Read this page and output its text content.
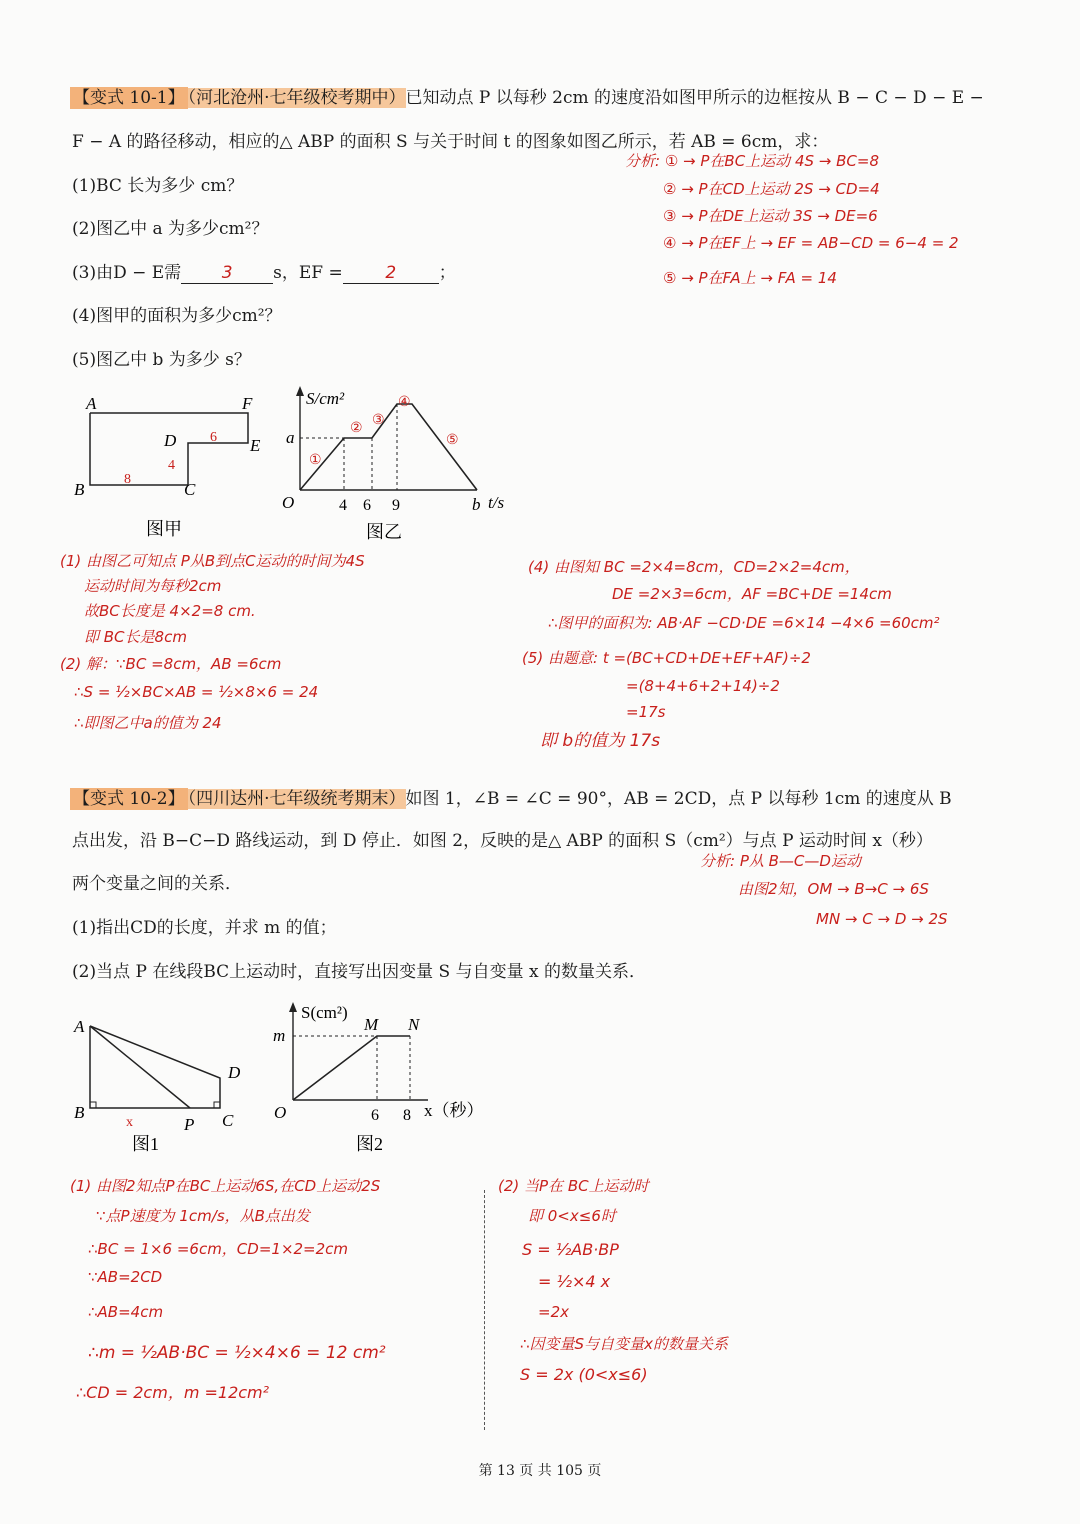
【变式 10-1】 （河北沧州·七年级校考期中）已知动点 P 以每秒 2cm 的速度沿如图甲所示的边框按从 B − C − D − E −
F − A 的路径移动，相应的△ ABP 的面积 S 与关于时间 t 的图象如图乙所示，若 AB = 6cm，求：
(1)BC 长为多少 cm？
(2)图乙中 a 为多少cm²？
(3)由D − E需 3 s，EF =	2	；
(4)图甲的面积为多少cm²？
(5)图乙中 b 为多少 s？
分析: ① → P在BC上运动 4S → BC=8
② → P在CD上运动 2S → CD=4
③ → P在DE上运动 3S → DE=6
④ → P在EF上 → EF = AB−CD = 6−4 = 2
⑤ → P在FA上 → FA = 14
A	F
D	E
B	C
6
4
8
图甲
S/cm²
a
O	4 6 9	b t/s
①
②
③
④
⑤
图乙
(1) 由图乙可知点 P从B到点C运动的时间为4S
运动时间为每秒2cm
故BC长度是 4×2=8 cm.
即 BC长是8cm
(2) 解：∵BC =8cm，AB =6cm
∴S = ½×BC×AB = ½×8×6 = 24
∴即图乙中a的值为 24
(4) 由图知 BC =2×4=8cm，CD=2×2=4cm，
DE =2×3=6cm，AF =BC+DE =14cm
∴图甲的面积为: AB·AF −CD·DE =6×14 −4×6 =60cm²
(5) 由题意: t =(BC+CD+DE+EF+AF)÷2
=(8+4+6+2+14)÷2
=17s
即 b的值为 17s
【变式 10-2】 （四川达州·七年级统考期末）如图 1，∠B = ∠C = 90°，AB = 2CD，点 P 以每秒 1cm 的速度从 B
点出发，沿 B−C−D 路线运动，到 D 停止．如图 2，反映的是△ ABP 的面积 S（cm²）与点 P 运动时间 x（秒）
两个变量之间的关系．
(1)指出CD的长度，并求 m 的值；
(2)当点 P 在线段BC上运动时，直接写出因变量 S 与自变量 x 的数量关系．
分析: P从 B—C—D运动
由图2知，OM → B→C → 6S
MN → C → D → 2S
A
D
B
P C
x
图1
S(cm²)
m
M N
O	6 8 x（秒）
图2
(1) 由图2知点P在BC上运动6S,在CD上运动2S
∵点P速度为 1cm/s，从B点出发
∴BC = 1×6 =6cm，CD=1×2=2cm
∵AB=2CD
∴AB=4cm
∴m = ½AB·BC = ½×4×6 = 12 cm²
∴CD = 2cm，m =12cm²
(2) 当P在 BC上运动时
即 0<x≤6时
S = ½AB·BP
= ½×4 x
=2x
∴因变量S与自变量x的数量关系
S = 2x (0<x≤6)
第 13 页 共 105 页
